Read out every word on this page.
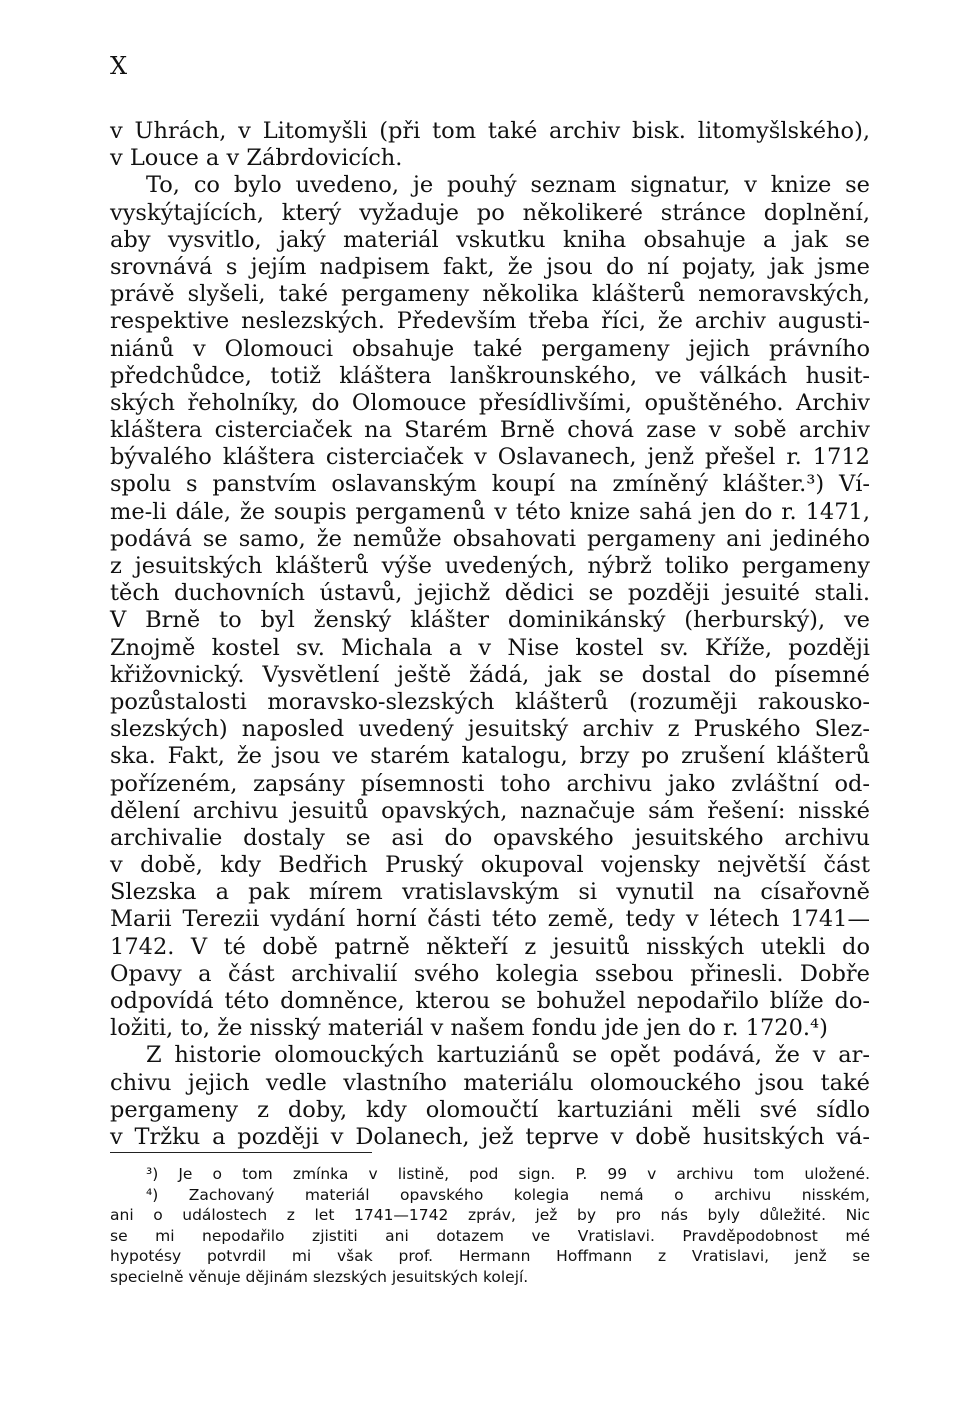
X
v Uhrách, v Litomyšli (při tom také archiv bisk. litomyšlského),
v Louce a v Zábrdovicích.
To, co bylo uvedeno, je pouhý seznam signatur, v knize se
vyskýtajících, který vyžaduje po několikeré stránce doplnění,
aby vysvitlo, jaký materiál vskutku kniha obsahuje a jak se
srovnává s jejím nadpisem fakt, že jsou do ní pojaty, jak jsme
právě slyšeli, také pergameny několika klášterů nemoravských,
respektive neslezských. Především třeba říci, že archiv augusti-
niánů v Olomouci obsahuje také pergameny jejich právního
předchůdce, totiž kláštera lanškrounského, ve válkách husit-
ských řeholníky, do Olomouce přesídlivšími, opuštěného. Archiv
kláštera cisterciaček na Starém Brně chová zase v sobě archiv
bývalého kláštera cisterciaček v Oslavanech, jenž přešel r. 1712
spolu s panstvím oslavanským koupí na zmíněný klášter.³) Ví-
me-li dále, že soupis pergamenů v této knize sahá jen do r. 1471,
podává se samo, že nemůže obsahovati pergameny ani jediného
z jesuitských klášterů výše uvedených, nýbrž toliko pergameny
těch duchovních ústavů, jejichž dědici se později jesuité stali.
V Brně to byl ženský klášter dominikánský (herburský), ve
Znojmě kostel sv. Michala a v Nise kostel sv. Kříže, později
křižovnický. Vysvětlení ještě žádá, jak se dostal do písemné
pozůstalosti moravsko-slezských klášterů (rozuměji rakousko-
slezských) naposled uvedený jesuitský archiv z Pruského Slez-
ska. Fakt, že jsou ve starém katalogu, brzy po zrušení klášterů
pořízeném, zapsány písemnosti toho archivu jako zvláštní od-
dělení archivu jesuitů opavských, naznačuje sám řešení: nisské
archivalie dostaly se asi do opavského jesuitského archivu
v době, kdy Bedřich Pruský okupoval vojensky největší část
Slezska a pak mírem vratislavským si vynutil na císařovně
Marii Terezii vydání horní části této země, tedy v létech 1741—
1742. V té době patrně někteří z jesuitů nisských utekli do
Opavy a část archivalií svého kolegia ssebou přinesli. Dobře
odpovídá této domněnce, kterou se bohužel nepodařilo blíže do-
ložiti, to, že nisský materiál v našem fondu jde jen do r. 1720.⁴)
Z historie olomouckých kartuziánů se opět podává, že v ar-
chivu jejich vedle vlastního materiálu olomouckého jsou také
pergameny z doby, kdy olomoučtí kartuziáni měli své sídlo
v Tržku a později v Dolanech, jež teprve v době husitských vá-
³) Je o tom zmínka v listině, pod sign. P. 99 v archivu tom uložené.
⁴) Zachovaný materiál opavského kolegia nemá o archivu nisském,
ani o událostech z let 1741—1742 zpráv, jež by pro nás byly důležité. Nic
se mi nepodařilo zjistiti ani dotazem ve Vratislavi. Pravděpodobnost mé
hypotésy potvrdil mi však prof. Hermann Hoffmann z Vratislavi, jenž se
specielně věnuje dějinám slezských jesuitských kolejí.
